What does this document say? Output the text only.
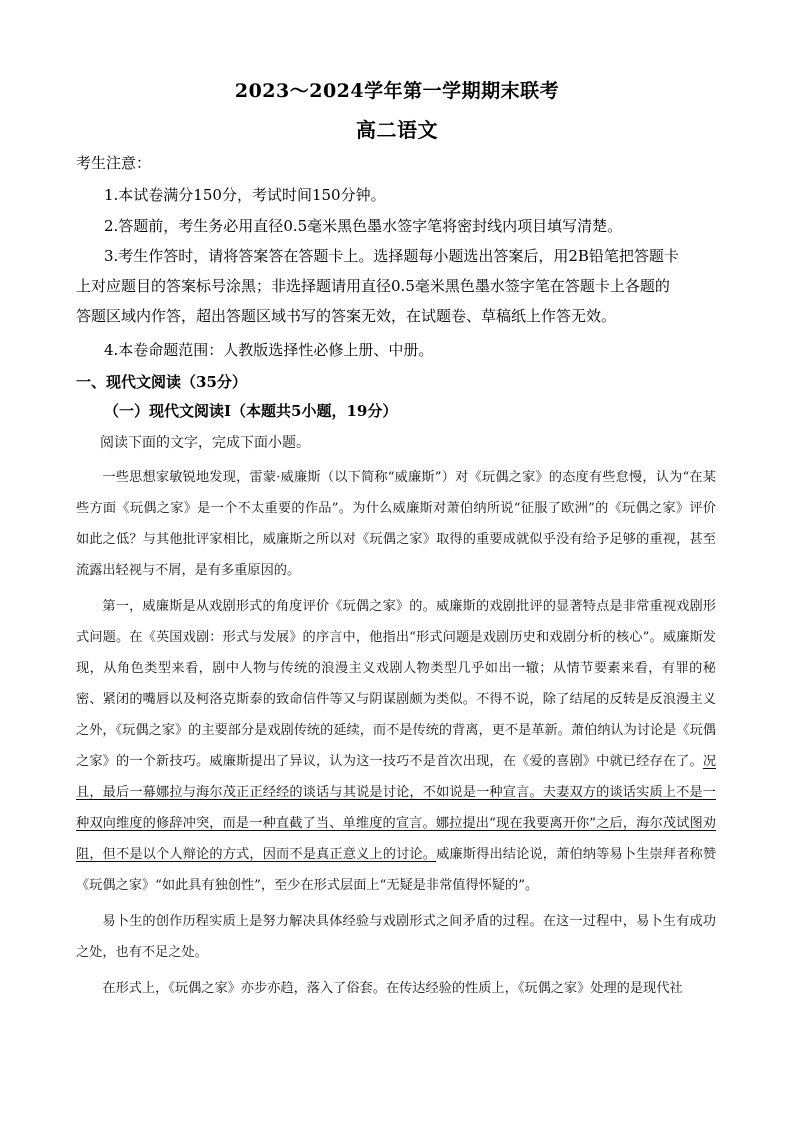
2023～2024学年第一学期期末联考
高二语文
考生注意：
1.本试卷满分150分，考试时间150分钟。
2.答题前，考生务必用直径0.5毫米黑色墨水签字笔将密封线内项目填写清楚。
3.考生作答时，请将答案答在答题卡上。选择题每小题选出答案后，用2B铅笔把答题卡
上对应题目的答案标号涂黑；非选择题请用直径0.5毫米黑色墨水签字笔在答题卡上各题的
答题区域内作答，超出答题区域书写的答案无效，在试题卷、草稿纸上作答无效。
4.本卷命题范围：人教版选择性必修上册、中册。
一、现代文阅读（35分）
（一）现代文阅读Ⅰ（本题共5小题，19分）
阅读下面的文字，完成下面小题。

一些思想家敏锐地发现，雷蒙·威廉斯（以下简称“威廉斯”）对《玩偶之家》的态度有些怠慢，认为“在某些方面《玩偶之家》是一个不太重要的作品”。为什么威廉斯对萧伯纳所说“征服了欧洲”的《玩偶之家》评价如此之低？与其他批评家相比，威廉斯之所以对《玩偶之家》取得的重要成就似乎没有给予足够的重视，甚至流露出轻视与不屑，是有多重原因的。

第一，威廉斯是从戏剧形式的角度评价《玩偶之家》的。威廉斯的戏剧批评的显著特点是非常重视戏剧形式问题。在《英国戏剧：形式与发展》的序言中，他指出“形式问题是戏剧历史和戏剧分析的核心”。威廉斯发现，从角色类型来看，剧中人物与传统的浪漫主义戏剧人物类型几乎如出一辙；从情节要素来看，有罪的秘密、紧闭的嘴唇以及柯洛克斯泰的致命信件等又与阴谋剧颇为类似。不得不说，除了结尾的反转是反浪漫主义之外，《玩偶之家》的主要部分是戏剧传统的延续，而不是传统的背离，更不是革新。萧伯纳认为讨论是《玩偶之家》的一个新技巧。威廉斯提出了异议，认为这一技巧不是首次出现，在《爱的喜剧》中就已经存在了。况且，最后一幕娜拉与海尔茂正正经经的谈话与其说是讨论，不如说是一种宣言。夫妻双方的谈话实质上不是一种双向维度的修辞冲突，而是一种直截了当、单维度的宣言。娜拉提出“现在我要离开你”之后，海尔茂试图劝阻，但不是以个人辩论的方式，因而不是真正意义上的讨论。威廉斯得出结论说，萧伯纳等易卜生崇拜者称赞《玩偶之家》“如此具有独创性”，至少在形式层面上“无疑是非常值得怀疑的”。

易卜生的创作历程实质上是努力解决具体经验与戏剧形式之间矛盾的过程。在这一过程中，易卜生有成功之处，也有不足之处。

在形式上，《玩偶之家》亦步亦趋，落入了俗套。在传达经验的性质上，《玩偶之家》处理的是现代社
